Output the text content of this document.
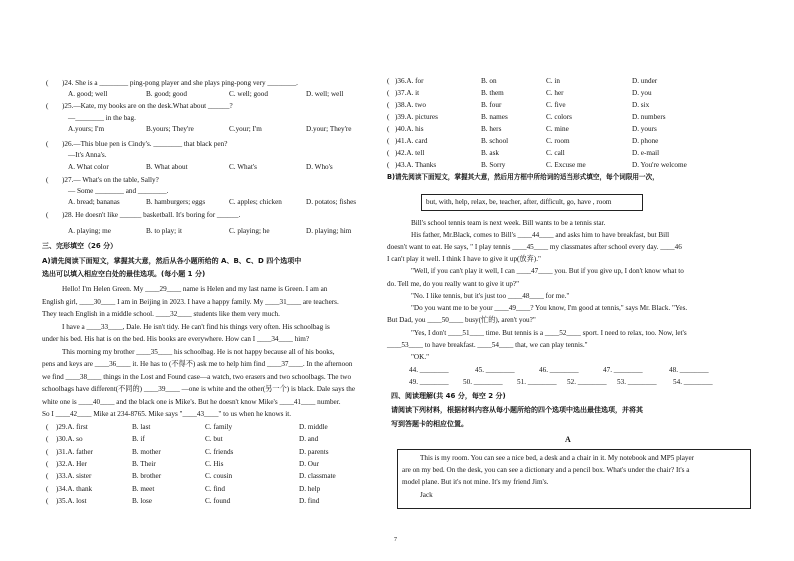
( )24. She is a ________ ping-pong player and she plays ping-pong very ________.
A. good; well	B. good; good	C. well; good	D. well; well
( )25.—Kate, my books are on the desk.What about ______?
—________ in the bag.
A.yours; I'm	B.yours; They're	C.your; I'm	D.your; They're
( )26.—This blue pen is Cindy's. ________ that black pen?
—It's Anna's.
A. What color	B. What about	C. What's	D. Who's
( )27.— What's on the table, Sally?
— Some ________ and ________.
A. bread; bananas	B. hamburgers; eggs	C. apples; chicken	D. potatos; fishes
( )28. He doesn't like ______ basketball. It's boring for ______.
A. playing; me	B. to play; it	C. playing; he	D. playing; him
三、完形填空（26 分）
A)请先阅读下面短文，掌握其大意，然后从各小题所给的 A、B、C、D 四个选项中
选出可以填入相应空白处的最佳选项。(每小题 1 分)
Hello! I'm Helen Green. My ____29____ name is Helen and my last name is Green. I am an
English girl, ____30____ I am in Beijing in 2023. I have a happy family. My ____31____ are teachers.
They teach English in a middle school. ____32____ students like them very much.
I have a ____33____, Dale. He isn't tidy. He can't find his things very often. His schoolbag is
under his bed. His hat is on the bed. His books are everywhere. How can I ____34____ him?
This morning my brother ____35____ his schoolbag. He is not happy because all of his books,
pens and keys are ____36____ it. He has to (不得不) ask me to help him find ____37____. In the afternoon
we find ____38____ things in the Lost and Found case—a watch, two erasers and two schoolbags. The two
schoolbags have different(不同的) ____39____ —one is white and the other(另一个) is black. Dale says the
white one is ____40____ and the black one is Mike's. But he doesn't know Mike's ____41____ number.
So I ____42____ Mike at 234-8765. Mike says "____43____" to us when he knows it.
( )29.A. first	B. last	C. family	D. middle
( )30.A. so	B. if	C. but	D. and
( )31.A. father	B. mother	C. friends	D. parents
( )32.A. Her	B. Their	C. His	D. Our
( )33.A. sister	B. brother	C. cousin	D. classmate
( )34.A. thank	B. meet	C. find	D. help
( )35.A. lost	B. lose	C. found	D. find
( )36.A. for	B. on	C. in	D. under
( )37.A. it	B. them	C. her	D. you
( )38.A. two	B. four	C. five	D. six
( )39.A. pictures	B. names	C. colors	D. numbers
( )40.A. his	B. hers	C. mine	D. yours
( )41.A. card	B. school	C. room	D. phone
( )42.A. tell	B. ask	C. call	D. e-mail
( )43.A. Thanks	B. Sorry	C. Excuse me	D. You're welcome
B)请先阅读下面短文，掌握其大意，然后用方框中所给词的适当形式填空，每个词限用一次，
but, with, help, relax, be, teacher, after, difficult, go, have , room
Bill's school tennis team is next week. Bill wants to be a tennis star.
His father, Mr.Black, comes to Bill's ____44____ and asks him to have breakfast, but Bill
doesn't want to eat. He says, " I play tennis ____45____ my classmates after school every day. ____46
I can't play it well. I think I have to give it up(放弃)."
"Well, if you can't play it well, I can ____47____ you. But if you give up, I don't know what to
do. Tell me, do you really want to give it up?"
"No. I like tennis, but it's just too ____48____ for me."
"Do you want me to be your ____49____? You know, I'm good at tennis," says Mr. Black. "Yes.
But Dad, you ____50____ busy(忙的), aren't you?"
"Yes, I don't ____51____ time. But tennis is a ____52____ sport. I need to relax, too. Now, let's
____53____ to have breakfast. ____54____ that, we can play tennis."
"OK."
44. ________	45. ________	46. ________	47. ________	48. ________
49. ________ 50. ________ 51. ________ 52. ________ 53. ________ 54. ________
四、阅读理解(共 46 分，每空 2 分)
请阅读下列材料，根据材料内容从每小题所给的四个选项中选出最佳选项，并将其
写到答题卡的相应位置。
A
This is my room. You can see a nice bed, a desk and a chair in it. My notebook and MP5 player
are on my bed. On the desk, you can see a dictionary and a pencil box. What's under the chair? It's a
model plane. But it's not mine. It's my friend Jim's.
Jack
7
